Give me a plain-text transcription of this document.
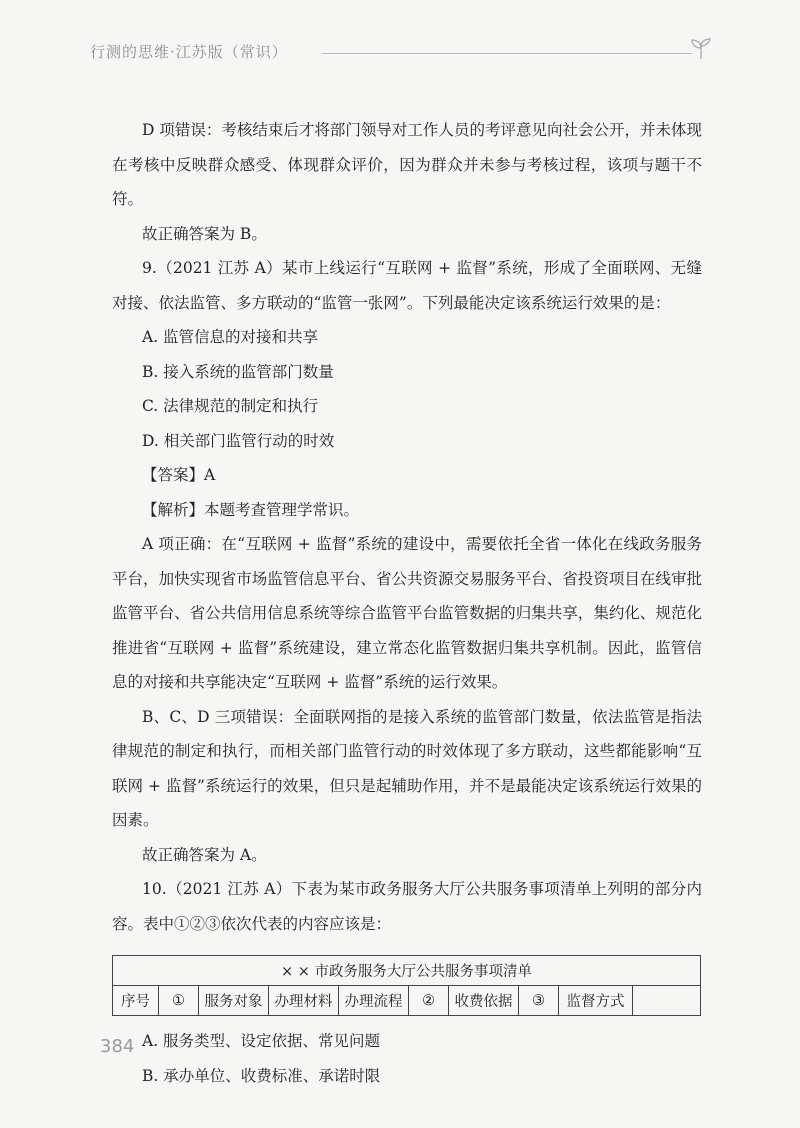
行测的思维·江苏版（常识）

D 项错误：考核结束后才将部门领导对工作人员的考评意见向社会公开，并未体现在考核中反映群众感受、体现群众评价，因为群众并未参与考核过程，该项与题干不符。

故正确答案为 B。

9.（2021 江苏 A）某市上线运行“互联网 + 监督”系统，形成了全面联网、无缝对接、依法监管、多方联动的“监管一张网”。下列最能决定该系统运行效果的是：

A. 监管信息的对接和共享

B. 接入系统的监管部门数量

C. 法律规范的制定和执行

D. 相关部门监管行动的时效

【答案】A

【解析】本题考查管理学常识。

A 项正确：在“互联网 + 监督”系统的建设中，需要依托全省一体化在线政务服务平台，加快实现省市场监管信息平台、省公共资源交易服务平台、省投资项目在线审批监管平台、省公共信用信息系统等综合监管平台监管数据的归集共享，集约化、规范化推进省“互联网 + 监督”系统建设，建立常态化监管数据归集共享机制。因此，监管信息的对接和共享能决定“互联网 + 监督”系统的运行效果。

B、C、D 三项错误：全面联网指的是接入系统的监管部门数量，依法监管是指法律规范的制定和执行，而相关部门监管行动的时效体现了多方联动，这些都能影响“互联网 + 监督”系统运行的效果，但只是起辅助作用，并不是最能决定该系统运行效果的因素。

故正确答案为 A。

10.（2021 江苏 A）下表为某市政务服务大厅公共服务事项清单上列明的部分内容。表中①②③依次代表的内容应该是：

× × 市政务服务大厅公共服务事项清单
序号	①	服务对象	办理材料	办理流程	②	收费依据	③	监督方式	

A. 服务类型、设定依据、常见问题

B. 承办单位、收费标准、承诺时限

384
